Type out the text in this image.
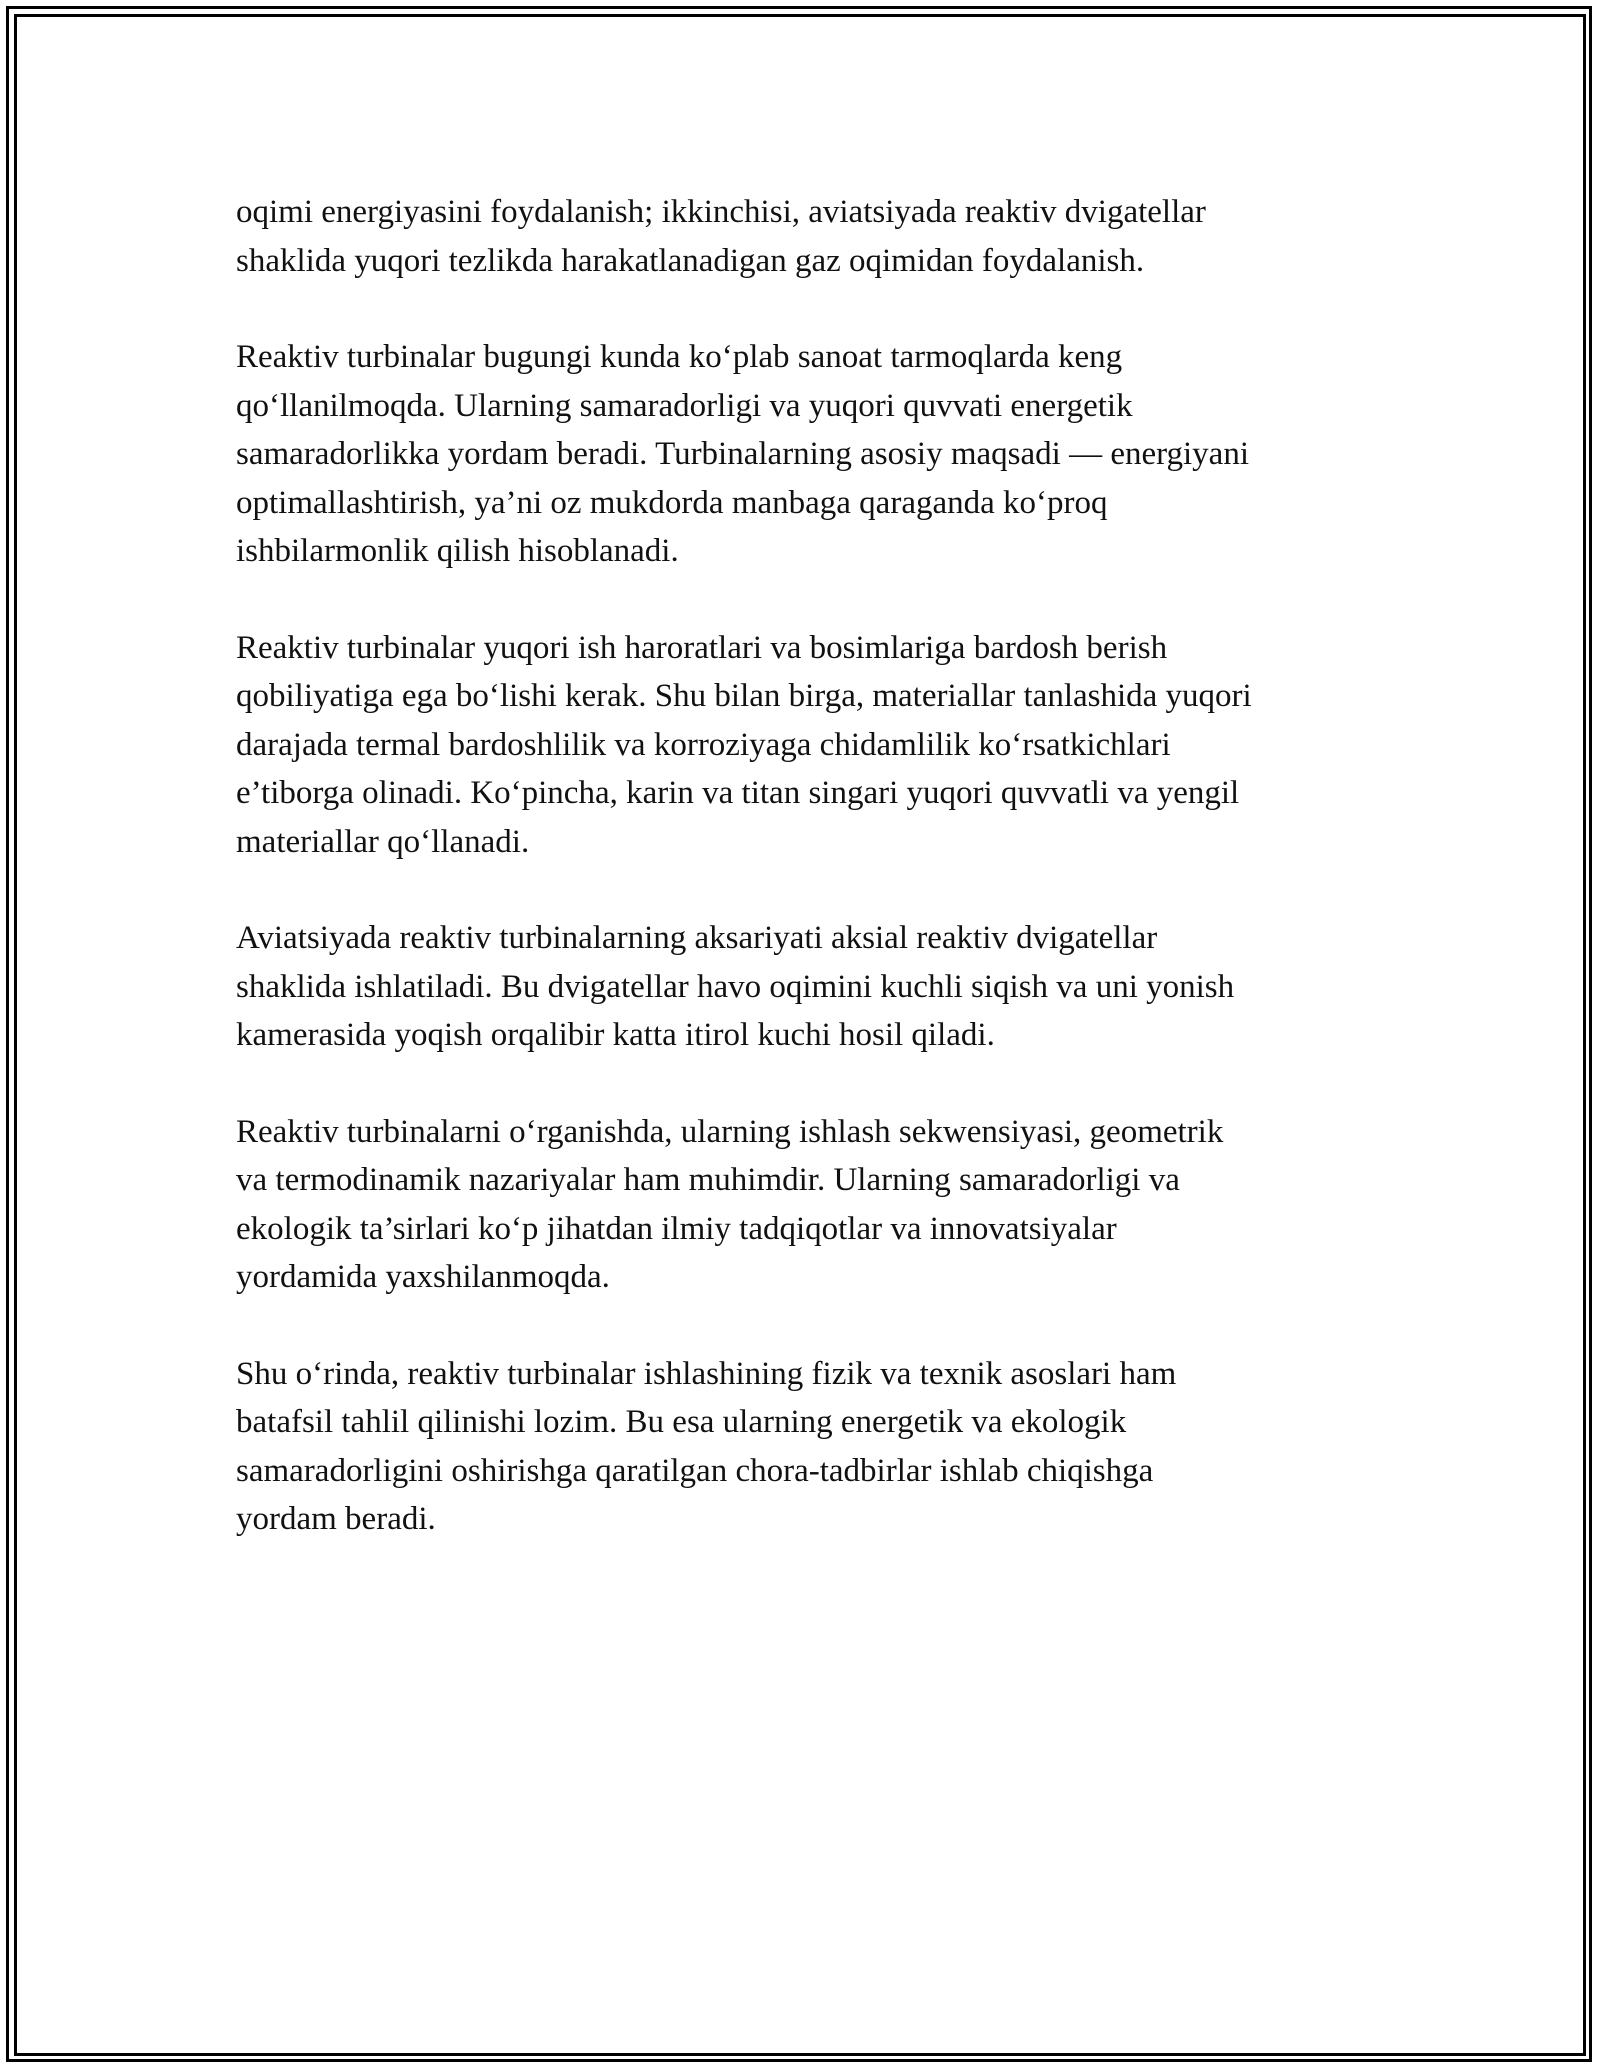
oqimi energiyasini foydalanish; ikkinchisi, aviatsiyada reaktiv dvigatellar
shaklida yuqori tezlikda harakatlanadigan gaz oqimidan foydalanish.

Reaktiv turbinalar bugungi kunda ko‘plab sanoat tarmoqlarda keng
qo‘llanilmoqda. Ularning samaradorligi va yuqori quvvati energetik
samaradorlikka yordam beradi. Turbinalarning asosiy maqsadi — energiyani
optimallashtirish, ya’ni oz mukdorda manbaga qaraganda ko‘proq
ishbilarmonlik qilish hisoblanadi.

Reaktiv turbinalar yuqori ish haroratlari va bosimlariga bardosh berish
qobiliyatiga ega bo‘lishi kerak. Shu bilan birga, materiallar tanlashida yuqori
darajada termal bardoshlilik va korroziyaga chidamlilik ko‘rsatkichlari
e’tiborga olinadi. Ko‘pincha, karin va titan singari yuqori quvvatli va yengil
materiallar qo‘llanadi.

Aviatsiyada reaktiv turbinalarning aksariyati aksial reaktiv dvigatellar
shaklida ishlatiladi. Bu dvigatellar havo oqimini kuchli siqish va uni yonish
kamerasida yoqish orqalibir katta itirol kuchi hosil qiladi.

Reaktiv turbinalarni o‘rganishda, ularning ishlash sekwensiyasi, geometrik
va termodinamik nazariyalar ham muhimdir. Ularning samaradorligi va
ekologik ta’sirlari ko‘p jihatdan ilmiy tadqiqotlar va innovatsiyalar
yordamida yaxshilanmoqda.

Shu o‘rinda, reaktiv turbinalar ishlashining fizik va texnik asoslari ham
batafsil tahlil qilinishi lozim. Bu esa ularning energetik va ekologik
samaradorligini oshirishga qaratilgan chora-tadbirlar ishlab chiqishga
yordam beradi.
